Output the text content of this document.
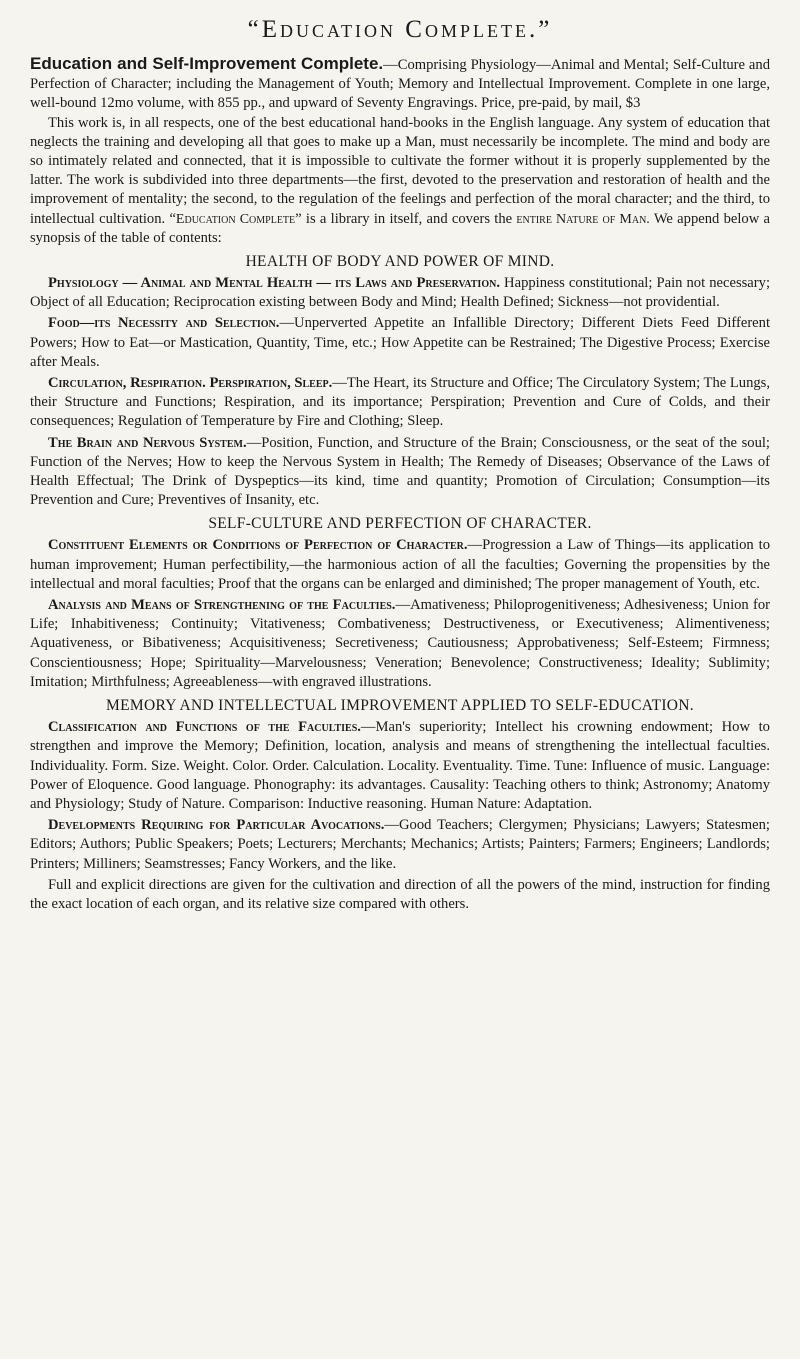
“Education Complete.”

Education and Self-Improvement Complete.—Comprising Physiology—Animal and Mental; Self-Culture and Perfection of Character; including the Management of Youth; Memory and Intellectual Improvement. Complete in one large, well-bound 12mo volume, with 855 pp., and upward of Seventy Engravings. Price, pre-paid, by mail, $3

This work is, in all respects, one of the best educational hand-books in the English language. Any system of education that neglects the training and developing all that goes to make up a Man, must necessarily be incomplete. The mind and body are so intimately related and connected, that it is impossible to cultivate the former without it is properly supplemented by the latter. The work is subdivided into three departments—the first, devoted to the preservation and restoration of health and the improvement of mentality; the second, to the regulation of the feelings and perfection of the moral character; and the third, to intellectual cultivation. “Education Complete” is a library in itself, and covers the entire Nature of Man. We append below a synopsis of the table of contents:

HEALTH OF BODY AND POWER OF MIND.

Physiology — Animal and Mental Health — its Laws and Preservation. Happiness constitutional; Pain not necessary; Object of all Education; Reciprocation existing between Body and Mind; Health Defined; Sickness—not providential.

Food—its Necessity and Selection.—Unperverted Appetite an Infallible Directory; Different Diets Feed Different Powers; How to Eat—or Mastication, Quantity, Time, etc.; How Appetite can be Restrained; The Digestive Process; Exercise after Meals.

Circulation, Respiration. Perspiration, Sleep.—The Heart, its Structure and Office; The Circulatory System; The Lungs, their Structure and Functions; Respiration, and its importance; Perspiration; Prevention and Cure of Colds, and their consequences; Regulation of Temperature by Fire and Clothing; Sleep.

The Brain and Nervous System.—Position, Function, and Structure of the Brain; Consciousness, or the seat of the soul; Function of the Nerves; How to keep the Nervous System in Health; The Remedy of Diseases; Observance of the Laws of Health Effectual; The Drink of Dyspeptics—its kind, time and quantity; Promotion of Circulation; Consumption—its Prevention and Cure; Preventives of Insanity, etc.

SELF-CULTURE AND PERFECTION OF CHARACTER.

Constituent Elements or Conditions of Perfection of Character.—Progression a Law of Things—its application to human improvement; Human perfectibility,—the harmonious action of all the faculties; Governing the propensities by the intellectual and moral faculties; Proof that the organs can be enlarged and diminished; The proper management of Youth, etc.

Analysis and Means of Strengthening of the Faculties.—Amativeness; Philoprogenitiveness; Adhesiveness; Union for Life; Inhabitiveness; Continuity; Vitativeness; Combativeness; Destructiveness, or Executiveness; Alimentiveness; Aquativeness, or Bibativeness; Acquisitiveness; Secretiveness; Cautiousness; Approbativeness; Self-Esteem; Firmness; Conscientiousness; Hope; Spirituality—Marvelousness; Veneration; Benevolence; Constructiveness; Ideality; Sublimity; Imitation; Mirthfulness; Agreeableness—with engraved illustrations.

MEMORY AND INTELLECTUAL IMPROVEMENT APPLIED TO SELF-EDUCATION.

Classification and Functions of the Faculties.—Man's superiority; Intellect his crowning endowment; How to strengthen and improve the Memory; Definition, location, analysis and means of strengthening the intellectual faculties. Individuality. Form. Size. Weight. Color. Order. Calculation. Locality. Eventuality. Time. Tune: Influence of music. Language: Power of Eloquence. Good language. Phonography: its advantages. Causality: Teaching others to think; Astronomy; Anatomy and Physiology; Study of Nature. Comparison: Inductive reasoning. Human Nature: Adaptation.

Developments Requiring for Particular Avocations.—Good Teachers; Clergymen; Physicians; Lawyers; Statesmen; Editors; Authors; Public Speakers; Poets; Lecturers; Merchants; Mechanics; Artists; Painters; Farmers; Engineers; Landlords; Printers; Milliners; Seamstresses; Fancy Workers, and the like.

Full and explicit directions are given for the cultivation and direction of all the powers of the mind, instruction for finding the exact location of each organ, and its relative size compared with others.
